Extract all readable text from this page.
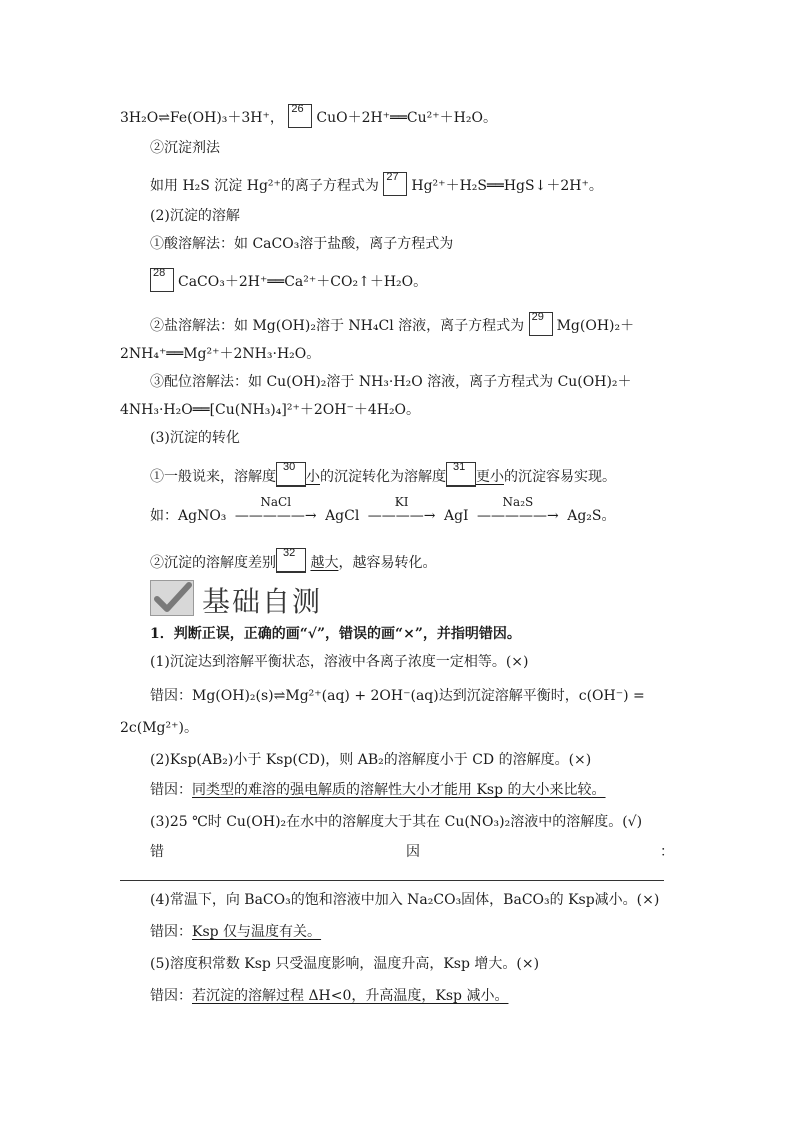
3H₂O⇌Fe(OH)₃＋3H⁺，
26
CuO＋2H⁺══Cu²⁺＋H₂O。
②沉淀剂法
如用 H₂S 沉淀 Hg²⁺的离子方程式为
27
Hg²⁺＋H₂S══HgS↓＋2H⁺。
(2)沉淀的溶解
①酸溶解法：如 CaCO₃溶于盐酸，离子方程式为
28
CaCO₃＋2H⁺══Ca²⁺＋CO₂↑＋H₂O。
②盐溶解法：如 Mg(OH)₂溶于 NH₄Cl 溶液，离子方程式为
29
Mg(OH)₂＋
2NH₄⁺══Mg²⁺＋2NH₃·H₂O。
③配位溶解法：如 Cu(OH)₂溶于 NH₃·H₂O 溶液，离子方程式为 Cu(OH)₂＋
4NH₃·H₂O══[Cu(NH₃)₄]²⁺＋2OH⁻＋4H₂O。
(3)沉淀的转化
①一般说来，溶解度
30
小的沉淀转化为溶解度
31
更小的沉淀容易实现。
如：AgNO₃
NaCl
—————→ AgCl
KI
————→ AgI
Na₂S
—————→ Ag₂S。
②沉淀的溶解度差别
32
越大，越容易转化。
基础自测
1．判断正误，正确的画“√”，错误的画“×”，并指明错因。
(1)沉淀达到溶解平衡状态，溶液中各离子浓度一定相等。(×)
错因：Mg(OH)₂(s)⇌Mg²⁺(aq) + 2OH⁻(aq)达到沉淀溶解平衡时，c(OH⁻) =
2c(Mg²⁺)。
(2)Ksp(AB₂)小于 Ksp(CD)，则 AB₂的溶解度小于 CD 的溶解度。(×)
错因：同类型的难溶的强电解质的溶解性大小才能用 Ksp 的大小来比较。
(3)25 ℃时 Cu(OH)₂在水中的溶解度大于其在 Cu(NO₃)₂溶液中的溶解度。(√)
错	因	：
(4)常温下，向 BaCO₃的饱和溶液中加入 Na₂CO₃固体，BaCO₃的 Ksp减小。(×)
错因：Ksp 仅与温度有关。
(5)溶度积常数 Ksp 只受温度影响，温度升高，Ksp 增大。(×)
错因：若沉淀的溶解过程 ΔH<0，升高温度，Ksp 减小。
